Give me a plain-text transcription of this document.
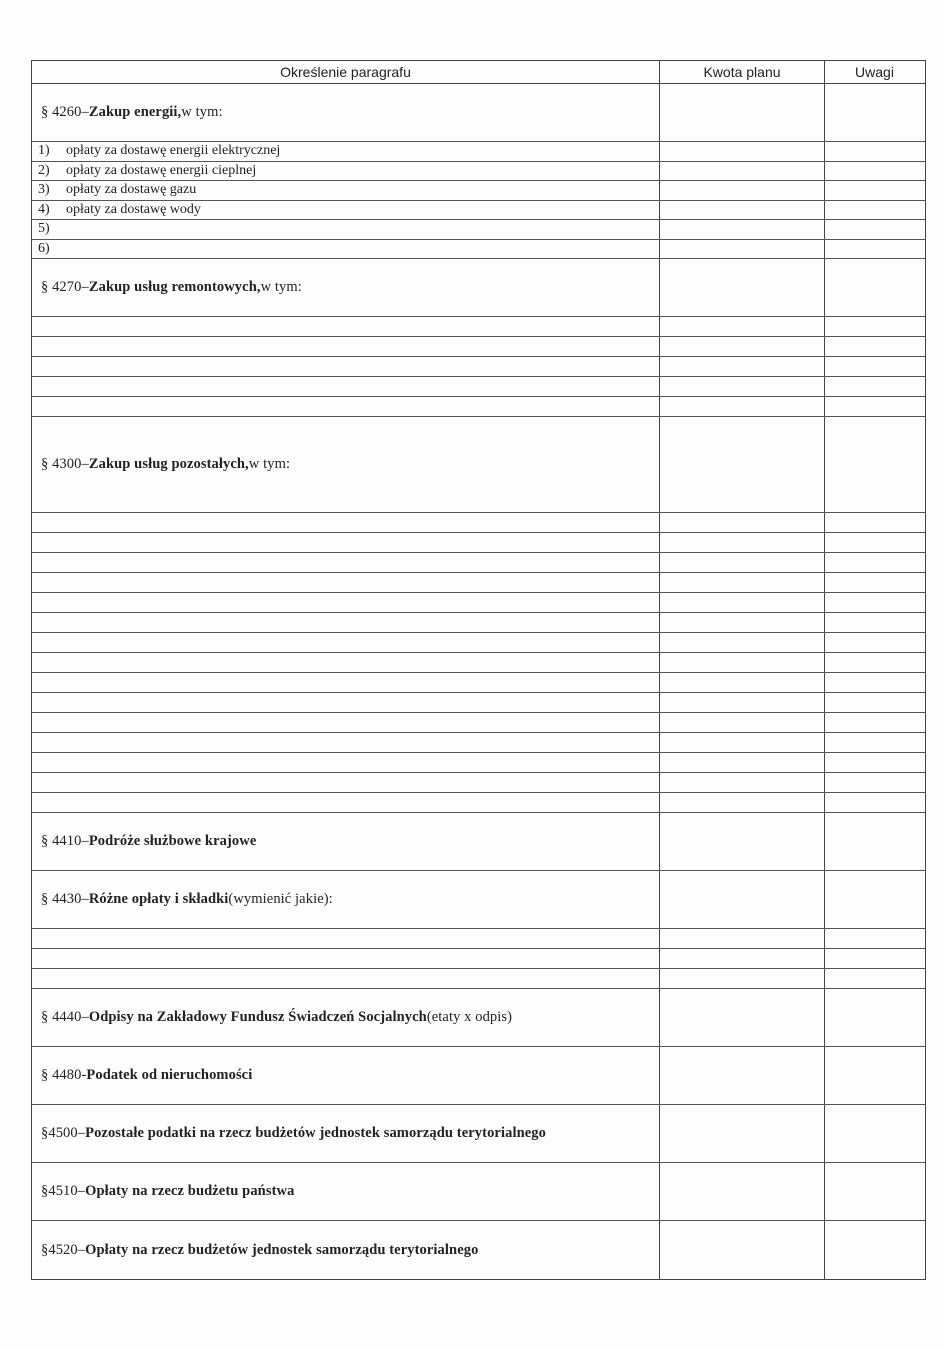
Określenie paragrafu	Kwota planu	Uwagi
§ 4260 – Zakup energii, w tym:
1)	opłaty za dostawę energii elektrycznej
2)	opłaty za dostawę energii cieplnej
3)	opłaty za dostawę gazu
4)	opłaty za dostawę wody
5)
6)
§ 4270 – Zakup usług remontowych, w tym:
§ 4300 – Zakup usług pozostałych, w tym:
§ 4410 – Podróże służbowe krajowe
§ 4430 – Różne opłaty i składki (wymienić jakie):
§ 4440 – Odpisy na Zakładowy Fundusz Świadczeń Socjalnych (etaty x odpis)
§ 4480 - Podatek od nieruchomości
§4500 – Pozostałe podatki na rzecz budżetów jednostek samorządu terytorialnego
§4510 – Opłaty na rzecz budżetu państwa
§4520 – Opłaty na rzecz budżetów jednostek samorządu terytorialnego
